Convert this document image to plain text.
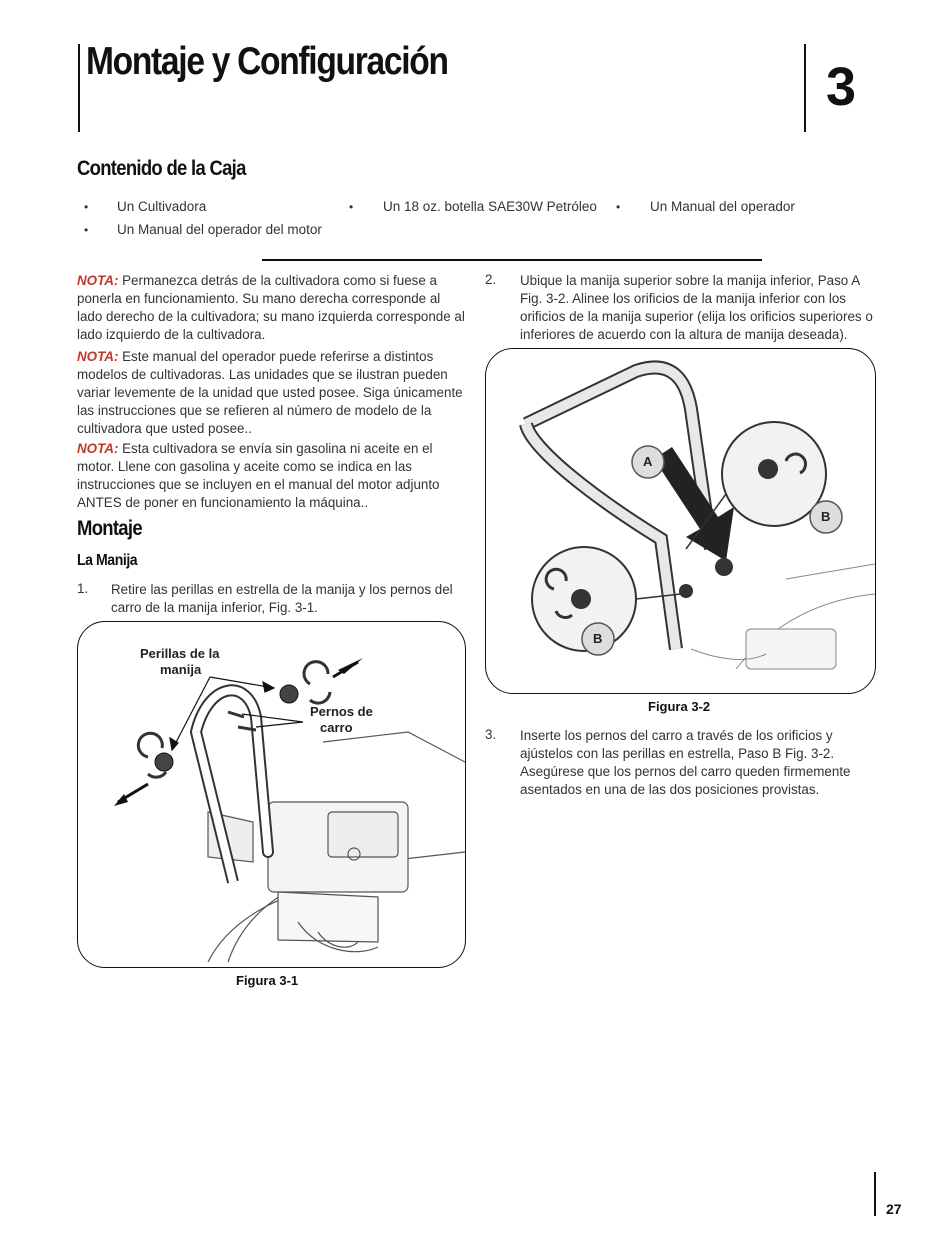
Montaje y Configuración	3
Contenido de la Caja
• Un Cultivadora	• Un 18 oz. botella SAE30W Petróleo • Un Manual del operador
• Un Manual del operador del motor

NOTA: Permanezca detrás de la cultivadora como si fuese a ponerla en funcionamiento. Su mano derecha corresponde al lado derecho de la cultivadora; su mano izquierda corresponde al lado izquierdo de la cultivadora.

NOTA: Este manual del operador puede referirse a distintos modelos de cultivadoras. Las unidades que se ilustran pueden variar levemente de la unidad que usted posee. Siga únicamente las instrucciones que se refieren al número de modelo de la cultivadora que usted posee..

NOTA: Esta cultivadora se envía sin gasolina ni aceite en el motor. Llene con gasolina y aceite como se indica en las instrucciones que se incluyen en el manual del motor adjunto ANTES de poner en funcionamiento la máquina..

Montaje
La Manija
1. Retire las perillas en estrella de la manija y los pernos del carro de la manija inferior, Fig. 3-1.

Perillas de la
manija
Pernos de
carro
Figura 3-1
2. Ubique la manija superior sobre la manija inferior, Paso A Fig. 3-2. Alinee los orificios de la manija inferior con los orificios de la manija superior (elija los orificios superiores o inferiores de acuerdo con la altura de manija deseada).

A
B
B
Figura 3-2
3. Inserte los pernos del carro a través de los orificios y ajústelos con las perillas en estrella, Paso B Fig. 3-2. Asegúrese que los pernos del carro queden firmemente asentados en una de las dos posiciones provistas.

27
